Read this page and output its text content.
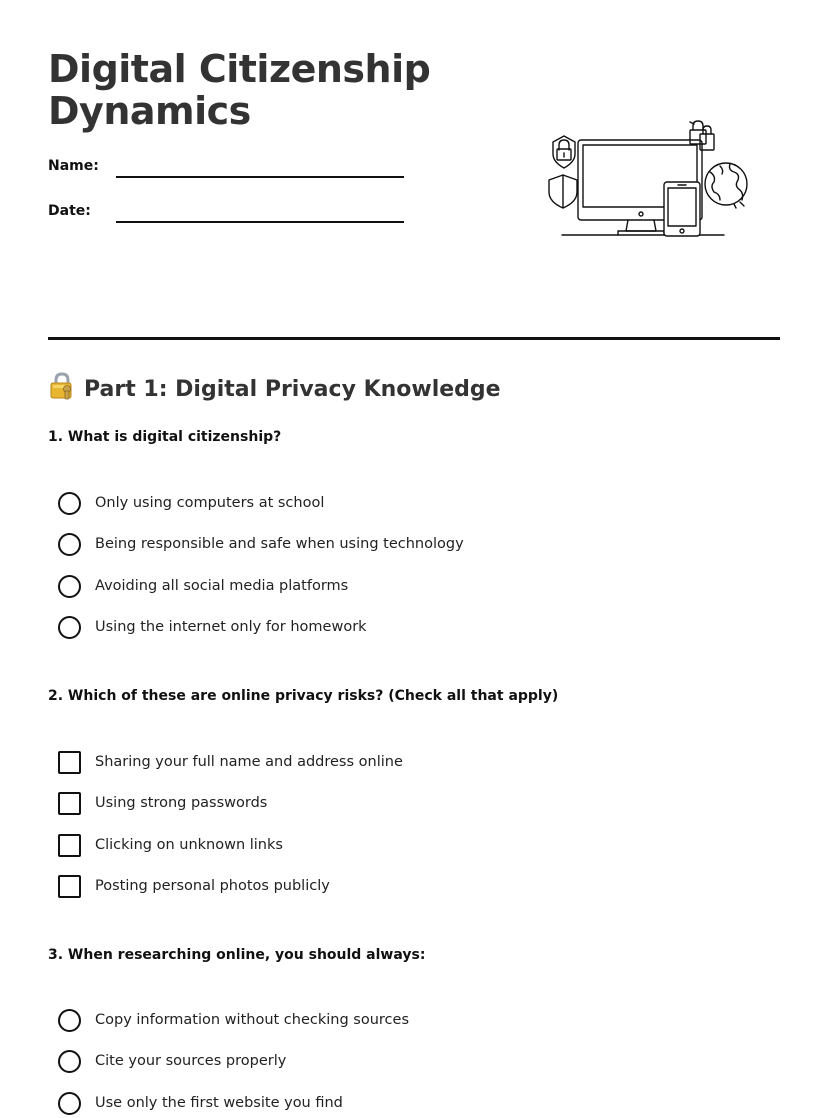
Digital Citizenship
Dynamics
Name:
Date:
Part 1: Digital Privacy Knowledge

1. What is digital citizenship?

Only using computers at school
Being responsible and safe when using technology
Avoiding all social media platforms
Using the internet only for homework

2. Which of these are online privacy risks? (Check all that apply)

Sharing your full name and address online
Using strong passwords
Clicking on unknown links
Posting personal photos publicly

3. When researching online, you should always:

Copy information without checking sources
Cite your sources properly
Use only the first website you find
